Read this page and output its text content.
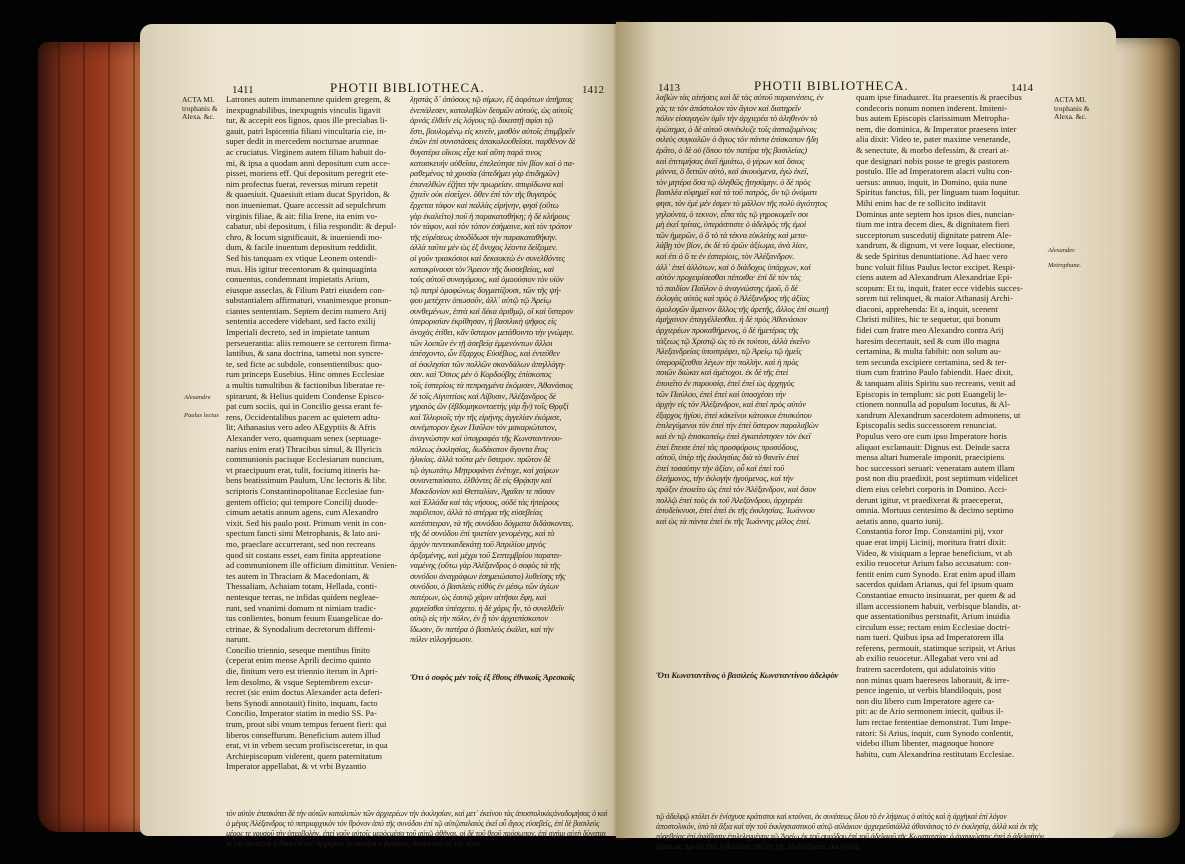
1411	PHOTII BIBLIOTHECA.	1412
ACTA MI. trophanis & Alexa. &c.
Alexandre
Paulus lectus
Latrones autem immanemne quidem gregem, &
inexpugnabilibus, inexpugnis vinculis ligavit
tur, & accepit eos lignos, quos ille preciabas li-
gauit, patri Ispicentia filiani vincultaria cie, in-
super dedit in mercedem nocturnae arumnae
ac cruciatus. Virginem autem filiam habuit do-
mi, & ipsa a quodam anni depositum cum acce-
pisset, moriens eff. Qui depositum peregrit ete-
nim profectus fuerat, reversus mirum repetit
& quaesiuit. Quaesiuit etiam ducat Spyridon, &
non inueniemat. Quare accessit ad sepulchrum
virginis filiae, & ait: filia Irene, ita enim vo-
cabatur, ubi depositum, i filia respondit: & depul-
chro, & locum significauit, & inueniendi mo-
dum, & facile inuentum depositum reddidit.
Sed his tanquam ex vtique Leonem ostendi-
mus. His igitur trecentorum & quinquaginta
conuentus, condemnant impietatis Arium,
eiusque asseclas, & Filium Patri eiusdem con-
substantialem affirmaturi, vnanimesque pronun-
ciantes sententiam. Septem decim numero Arij
sententia accedere videbant, sed facto exilij
Imperiali decreto, sed in impietate tantum
perseuerantia: aliis remouere se cerrorem firma-
lantibus, & sana doctrina, tametsi non syncre-
te, sed ficte ac subdole, consentientibus: quo-
rum princeps Eusebius. Hinc omnes Ecclesiae
a multis tumultibus & factionibus liberatae re-
spirarunt, & Helius quidem Condense Episco-
pat cum sociis, qui in Concilio gessa erant fe-
rens, Occidentalibus pacem ac quietem adtu-
lit; Athanasius vero adeo AEgyptiis & Afris
Alexander vero, quamquam senex (septuage-
narius enim erat) Thracibus simul, & Illyricis
communionis pacisque Ecclesiarum nuncium,
vt praecipuum erat, tulit, fociumq itineris ha-
bens beatissimum Paulum, Unc lectoris & libr.
scriptoris Constantinopolitanae Ecclesiae fun-
gentem officio; qui tempore Concilij duode-
cimum aetatis annum agens, cum Alexandro
vixit. Sed his paulo post. Primum venit in con-
spectum fancti simi Metrophanis, & lato ani-
mo, praeclare accurrerant, sed non recreans
quod sit costans esset, eam finita appreatione
ad communionem ille officium dimittitur. Venien-
tes autem in Thraciam & Macedoniam, &
Thessaliam, Achaiam totam, Hellada, conti-
nentesque terras, ne infidas quidem negleae-
runt, sed vnanimi domum nt nimiam tradic-
tus conlientes, bonum feuum Euangelicae do-
ctrinae, & Synodalium decretorum diffemi-
narunt.
Concilio triennio, seseque mentibus finito
(ceperat enim mense Aprili decimo quinto
die, finitum vero est triennio iterum in Apri-
lem desolmo, & vsque Septembrem excur-
recret (sic enim doctus Alexander acta deferi-
bens Synodi annotauit) finito, inquam, facto
Concilio, Imperator statim in medio SS. Pa-
trum, prout sibi vnum tempus feruent fieri: qui
liberos conseffurum. Beneficium autem illud
erat, vt in vrbem secum profiscisceretur, in qua
Archiepiscopum viderent, quem paternitatum
Imperator appellabat, & vt vrbi Byzantio
λῃστὰς δ᾽ ὁπόσους τῷ σίμων, ἐξ ἀοράτων ἀπῆρτας
ἐνεπάλεσεν, καταλαβὼν δεσμῶν αὐτούς, ὡς αὐτοῖς
ἀρνάς ἐλθεῖν εἰς λόγους τῷ δικαστῇ σφίσι τῷ
ἔστι, βουλομένῳ εἰς κινεῖν, μισθὸν αὐτοῖς ἐπιμβρεῖν
ἐπῶν ἐπὶ συνιστάσεις ἀπακολουθεῖσαι. παρθένον δὲ
θυγατέρα οἴκοις εἶχε καὶ αὕτη παρά τινος
κατασκευήν αὐθεῖσα, ἐπελεύτησε τὸν βίον καὶ ὁ πα-
ραθεμένος τὰ χρυσία (ἀπεδήμει γὰρ ἐπιδημῶν)
ἐπανελθὼν ἐζήτει τὴν πρωρείαν. σπυρίδωνα καὶ
ζητεῖν οὐκ εἰσεῖχεν. ὅθεν ἐπὶ τὸν τῆς θυγατρὸς
ἔρχεται τάφον καὶ παλλὰς εἰρήνην, φησί (οὕτω
γὰρ ἐκαλεῖτο) ποῦ ἡ παρακαταθήκη; ἡ δὲ κλήρους
τὸν τάφον, καὶ τὸν τόπον ἐσήμαινε, καὶ τὸν τρόπον
τῆς εὑρέσεως ἀποδίδωσι τὴν παρακαταθήκην.
ἀλλὰ ταῦτα μὲν ὡς ἐξ ὄνυχος λέοντα δείξομεν.
οἱ γοῦν τριακόσιοι καὶ δεκαοκτὼ ἐν συνελθόντες
κατακρίνουσι τὸν Ἄρειον τῆς δυσσεβείας, καὶ
τοὺς αὐτοῦ συναγόμους, καὶ ὁμοούσιον τὸν υἱὸν
τῷ πατρὶ ὁμοφώνως δογματίζουσι, τῶν τῆς ψή-
φου μετέχειν ὁπωσοῦν, ἀλλ᾽ αὐτῷ τῷ Ἀρείῳ
συνθεμένων, ἑπτὰ καὶ δέκα ἀριθμῷ, οἳ καὶ ὕστερον
ὑπερορισίαν ἐκρίθησαν, ἡ βασιλικὴ ψῆφος εἰς
ἀνοχὰς ἐτίθει, κἄν ὕστερον μετάθοιντο τὴν γνώμην.
τῶν λοιπῶν ἐν τῇ ἀσεβείᾳ ἐμμενόντων ἄλλοι
ἀπέσχοντο, ὧν ἔξαρχος Εὐσέβιος, καὶ ἐντεῦθεν
αἱ ἐκκλησίαι τῶν πολλῶν σκανδάλων ἀπηλλάγη-
σαν. καὶ Ὅσιος μὲν ὁ Κορδούβης ἐπίσκοπος
τοῖς ἑσπερίοις τὰ πεπραγμένα ἐκόμισεν, Ἀθανάσιος
δὲ τοῖς Αἰγυπτίοις καὶ Λίβυσιν, Ἀλέξανδρος δὲ
γηραιὸς ὢν (ἑβδομηκονταετὴς γὰρ ἦν) τοῖς Θρᾳξὶ
καὶ Ἰλλυριοῖς τὴν τῆς εἰρήνης ἀγγελίαν ἐκόμισε,
συνέμπορον ἔχων Παῦλον τὸν μακαριώτατον,
ἀναγνώστην καὶ ὑπογραφέα τῆς Κωνσταντινου-
πόλεως ἐκκλησίας, δωδέκατον ἄγοντα ἔτος
ἡλικίας. ἀλλὰ τοῦτα μὲν ὕστερον. πρῶτον δὲ
τῷ ἁγιωτάτῳ Μητροφάνει ἐνέτυχε, καὶ χαίρων
συνανεπαύσατο. ἐλθόντες δὲ εἰς Θρᾴκην καὶ
Μακεδονίαν καὶ Θετταλίαν, Ἀχαΐαν τε πᾶσαν
καὶ Ἑλλάδα καὶ τὰς νήσους, οὐδὲ τὰς ἠπείρους
παρέλιπον, ἀλλὰ τὸ σπέρμα τῆς εὐσεβείας
κατέσπειραν, τὰ τῆς συνόδου δόγματα διδάσκοντες.
τῆς δὲ συνόδου ἐπὶ τριετίαν γενομένης, καὶ τὸ
ἀρχὸν πεντεκαιδεκάτῃ τοῦ Ἀπριλίου μηνὸς
ἀρξαμένης, καὶ μέχρι τοῦ Σεπτεμβρίου παρατει-
ναμένης (οὕτω γὰρ Ἀλέξανδρος ὁ σοφὸς τὰ τῆς
συνόδου ἀναγράφων ἐσημειώσατο) λυθείσης τῆς
συνόδου, ὁ βασιλεὺς εὐθὺς ἐν μέσῳ τῶν ἁγίων
πατέρων, ὡς ἐαυτῷ χάριν αἰτῆσαι ἔφη, καὶ
χαριεῖσθαι ὑπέσχετο. ἡ δὲ χάρις ἦν, τὸ συνελθεῖν
αὐτῷ εἰς τὴν πόλιν, ἐν ᾗ τὸν ἀρχιεπίσκοπον
ἴδωσιν, ὃν πατέρα ὁ βασιλεὺς ἐκάλει, καὶ τὴν
πόλιν εὐλογήσωσιν.
Ὅτι ὁ σοφὸς μὲν τοῖς ἐξ ἔθους ἐθνικοῖς Ἀρεσκοῖς
τὸν αὐτὸν ἐπεσκόπει δὲ τὴν αὐτῶν καταλιπὼν τῶν ἀρχιερέων τὴν ἐκκλησίαν, καὶ μετ᾽ ἐκείνου τὰς ἀποστολικὰςἀναδομήσας ὁ καὶ ὁ μέγας Ἀλέξανδρος τὸ πατριαρχικὸν τὸν θρόνον ἀπὸ τῆς συνόδου ἐπὶ τῷ αὐτῷπαλαιὸς ἐκεῖ οὗ ἅγιος εὐσεβεῖς, ἐπὶ δὲ βασιλεὺς μέρος τε χρυσοῦ τὴν ὑπερβολὴν. ἐπεὶ γοῦν αὐτοῖς μερὸςμέσα τοῦ αὐτῷ ἀθῆναι. οἱ δὲ τοῦ θεοῦ πρόσωπον. ἐπὶ σχήμι αὐτὴ δύναται τε ἐπὶ πάντεςοὗ ἡ δέκα ἐνὶ τοῦ ἀρχιερέα, ὃν πατέρα ὁ βασιλεὺς ἐκάλει καὶ εἰς τὴν πόλιν
1413	PHOTII BIBLIOTHECA.	1414
ACTA MI. trophanis & Alexa. &c.
Alexander.
Metrophane.
λαβὼν τὰς αἰτήσεις καὶ δὲ τὰς αὐτοῦ παραινέσεις, ἐν
χὰς τε τὸν ἀπόστολον τὸν ἅγιον καὶ διατηρεῖν
πόλιν εἰσαγαγὼν ὑμῖν τὴν ἀρχιερέα τὸ ἀληθινὸν τὸ
ἐρώτημα, ὁ δὲ αὐτοῦ συνέκλυζε τοῖς ἀσπαζομένοις
σιλεὺς συγκαλῶν ὁ ἅγιος τὸν πάντα ἐπίσκοπον ἤδη
ἐρᾶτο, ὁ δὲ οὐ (ὅπου τὸν πατέρα τῆς βασιλείας)
καὶ ἐπιτιμήσας ἐκεῖ ἠμιάτω, ὁ γέρων καὶ ὅσιος
μάννα, ὃ διττῶν αὐτὸ, καὶ ἀκουόμενα, ἐγὼ ἐκεῖ,
τὸν μητέρα ὅσα τῷ ἀληθῶς ᾔτησάμην. ὁ δὲ πρὸς
βασιλέα εὐφημεῖ καὶ τὰ τοῦ πατρὸς, ὃν τῷ ὀνόματι
φησι, τὸν ἐμὲ μέν ἐσμεν τὸ μᾶλλον τῆς πολὺ ἁγιότητος
γηλούντα, ὁ τεκνον, εἶπα τὰς τῷ γηροκομεῖν σοι
μὴ ἐκεῖ τρίτας, ὑπεράσπιστε ὁ ἀδελφὸς τῆς ἐμοὶ
τῶν ἡμερῶν, ὁ ὃ τὸ τὰ τέκνα εὐκλείης καὶ μετα-
λάβῃ τὸν βίον, ἐκ δὲ τὸ ἐρῶν ἀξίωμα, ἀνὰ λίαν,
καὶ ἐτι ὁ ὃ τε ἐν ἐσπερίοις, τὸν Ἀλέξανδρον.
ἀλλ᾽ ἐπεὶ ἀλλότων, καὶ ὁ διάδοχος ὑπάρχων, καὶ
αὐτὸν προχειρίσεσθαι πέποιθα· ἐπὶ δὲ τὸν τὰς
τὸ παιδίον Παῦλον ὁ ἀναγνώστης ἐμοῦ, ὃ δέ
ἐκλογὰς αὐτὸς καὶ πρὸς ὁ Ἀλέξανδρος τῆς ἀξίας
ὁμολογῶν ἄμεινον ἄλλος τῆς ἀρετῆς, ἄλλος ἐπὶ σιωπῇ
ἀμήχανον ἐπαγγέλλεσθαι. ἡ δὲ πρὸς Ἀθανάσιον
ἀρχιερέων προκαθήμενος, ὁ δὲ ἡμετέρας τῆς
τάξεως τῷ Χριστῷ ὡς τὸ ἐκ τούτου, ἀλλὰ ἐκεῖνο
Ἀλεξανδρείας ὑποστρέφει, τῷ Ἀρείῳ τῷ ἡμεῖς
ὑπερορίζεσθαι λέγων τὴν πολλὴν. καὶ ἡ πρὸς
ποιῶν διώκει καὶ ἀμέτοχοι. ἐκ δὲ τῆς ἐπεὶ
ἐποιεῖτο ἐν παρουσίᾳ, ἐπεὶ ἐπεὶ ὡς ἀρχηγὸς
τῶν Παύλου, ἐπεὶ ἐπεὶ καὶ ὑποσχέσει τὴν
ἀρχὴν εἰς τὸν Ἀλέξανδρον, καὶ ἐπεὶ πρὸς αὐτὸν
ἐξαρχος ἡγίου, ἐπεὶ κἀκεῖνοι κάτοικοι ἐπισκόπου
ἐπιλεγόμενοι τὸν ἐπεὶ τὴν ἐπεὶ ὕστερον παραλαβὼν
καὶ ἐν τῷ ἐπισκοπείῳ ἐπεὶ ἐγκατέστησεν τὸν ἐκεῖ
ἐπεὶ ἔπεισε ἐπεὶ τὰς προσφόρους προσόδους,
αὐτοῦ, ὑπὲρ τῆς ἐκκλησίας διὰ τὸ θανεῖν ἐπεὶ
ἐπεὶ τοσαύτην τὴν ἀξίαν, οὗ καὶ ἐπεὶ τοῦ
ἐλεήμονος, τὴν ἐκλογὴν ἡγούμενος, καὶ τὴν
πράξιν ἐποιεῖτο ὡς ἐπεὶ τὸν Ἀλέξανδρον, καὶ ὅσον
πολλῷ ἐπεὶ τοὺς ἐκ τοῦ Ἀλεξάνδρου, ἀρχιερέα
ἀποδείκνυσι, ἐπεὶ ἐπεὶ ἐκ τῆς ἐκκλησίας. Ἰωάννου
καὶ ὡς τὰ πάντα ἐπεὶ ἐκ τῆς Ἰωάννης μέλος ἐπεὶ.
Ὅτι Κωνσταντῖνος ὁ βασιλεὺς Κωνσταντίνου ἀδελφὸν
quam ipse finaduaret. Ita praesentis & praecibus
condecoris nonum nomen inderent. Imiteni-
bus autem Episcopis clarissimum Metropha-
nem, die dominica, & Imperator praesens inter
alia dixit: Video te, pater maxime venerande,
& senectute, & morbo defessim, & creari at-
que designari nobis posse te gregis pastorem
postulo. Ille ad Imperatorem alacri vultu con-
uersus: annuo, inquit, in Domino, quia nune
Spiritus fanctus, fili, per linguam tuam loquitur.
Mihi enim hac de re sollicito inditavit
Dominus ante septem hos ipsos dies, nuncian-
tium me intra decem dies, & dignitatem fieri
succeptorum suscedutij dignitate patrem Ale-
xandrum, & dignum, vt vere loquar, electione,
& sede Spiritus denuntiatione. Ad haec vero
bunc voluit filius Paulus lector excipet. Respi-
ciens autem ad Alexandrum Alexandriae Epi-
scopum: Et tu, inquit, frater ecce videbis succes-
sorem tui relinquet, & maior Athanasij Archi-
diaconi, apprehenda: Et a, inquit, scenent
Christi milites, hic te sequetur, qui bonum
fidei cum fratre meo Alexandro contra Arij
haresim decertauit, sed & cum illo magna
certamina, & multa fabibit: non solum au-
tem secunda excipiere certamina, sed & ter-
tium cum fratrino Paulo fabiendit. Haec dixit,
& tanquam alitis Spiritu suo recreans, venit ad
Episcopis in templum: sic pott Euangelij le-
ctionem nonnulla ad populum locutus, & Al-
xandrum Alexandrum sacerdotem admonens, ut
Episcopalis sedis successorem renunciat.
Populus vero ore cum ipso Imperatore horis
aliquot exclamauit: Dignus est. Deinde sacra
mensa altari humerale imponit, praecipiens
hoc successori seruari: veneratam autem illam
post non diu praedixit, post septimum videlicet
diem eius celebri corporis in Domino. Acci-
derunt igitur, vt praedixerat & praeceperat,
omnia. Mortuus centesimo & decimo septimo
aetatis anno, quarto iunij.
Constantia foror Imp. Constantini pij, vxor
quae erat impij Licinij, moritura fratri dixit:
Video, & visiquam a leprae beneficium, vt ab
exilio reuocetur Arium falso accusatum: con-
fentit enim cum Synodo. Erat enim apud illam
sacerdos quidam Arianus, qui fel ipsum quam
Constantiae emucto insinuarat, per quem & ad
illam accessionem habuit, verbisque blandis, at-
que assentationibus perstnafit, Arium inuidia
circulum esse; rectam enim Ecclesiae doctri-
nam tueri. Quibus ipsa ad Imperatorem illa
referens, permouit, statimque scripsit, vt Arius
ab exilio reuocetur. Allegabat vero vni ad
fratrem sacerdotem, qui adulatoinis vitio
non minus quam haereseos laborauit, & irre-
pence ingenio, ut verbis blandiloquis, post
non diu libero cum Imperatore agere ca-
pit: ac de Ario sermonem iniecit, quibus il-
lum rectae fententiae demonstrat. Tum Impe-
ratori: Si Arius, inquit, cum Synodo conlentit,
videbo illum libenter, magnoque honore
habitu, cum Alexandrina restitutam Ecclesiae.
τῷ ἀδελφῷ κτόλει ἐν ἐνίσχυσε κράτιστοι καὶ κτοῦναι, ἐκ συνέσεως ὅλου τὸ ἐν λήψεως ὁ αὐτὸς καὶ ἡ ἀρχὴκαὶ ἐπὶ λόγον ἀποστολικόν, ὑπὸ τὰ ἄξια καὶ τὴν τοῦ ἐκκλησιαστικοῦ αὐτῷ αὐλάκιον ἀρχιερεῦσιἀλλὰ ἀθανάσιος τὸ ἐν ἐκκλησίᾳ, ἀλλὰ καὶ ἐκ τῆς εὐσεβείας ἐπὶ ἀνάβασιν ἐπιλελεγμένην,τῷ Ἀρείῳ ἐκ τοῦ συνόδου ἐπὶ τοῦ ἀδελφοῦ τῆς Κωνσταντίας ὁ ἀναγνώστης ἐπεὶ ἡ ἀδελφὴτὸν ἱερέα ὡς Ἀρείου ἐπεὶ ὁ βασιλεύς ἐπεὶ ἐκ τῆς Ἀλεξανδρείας ἐκκλησίας.
